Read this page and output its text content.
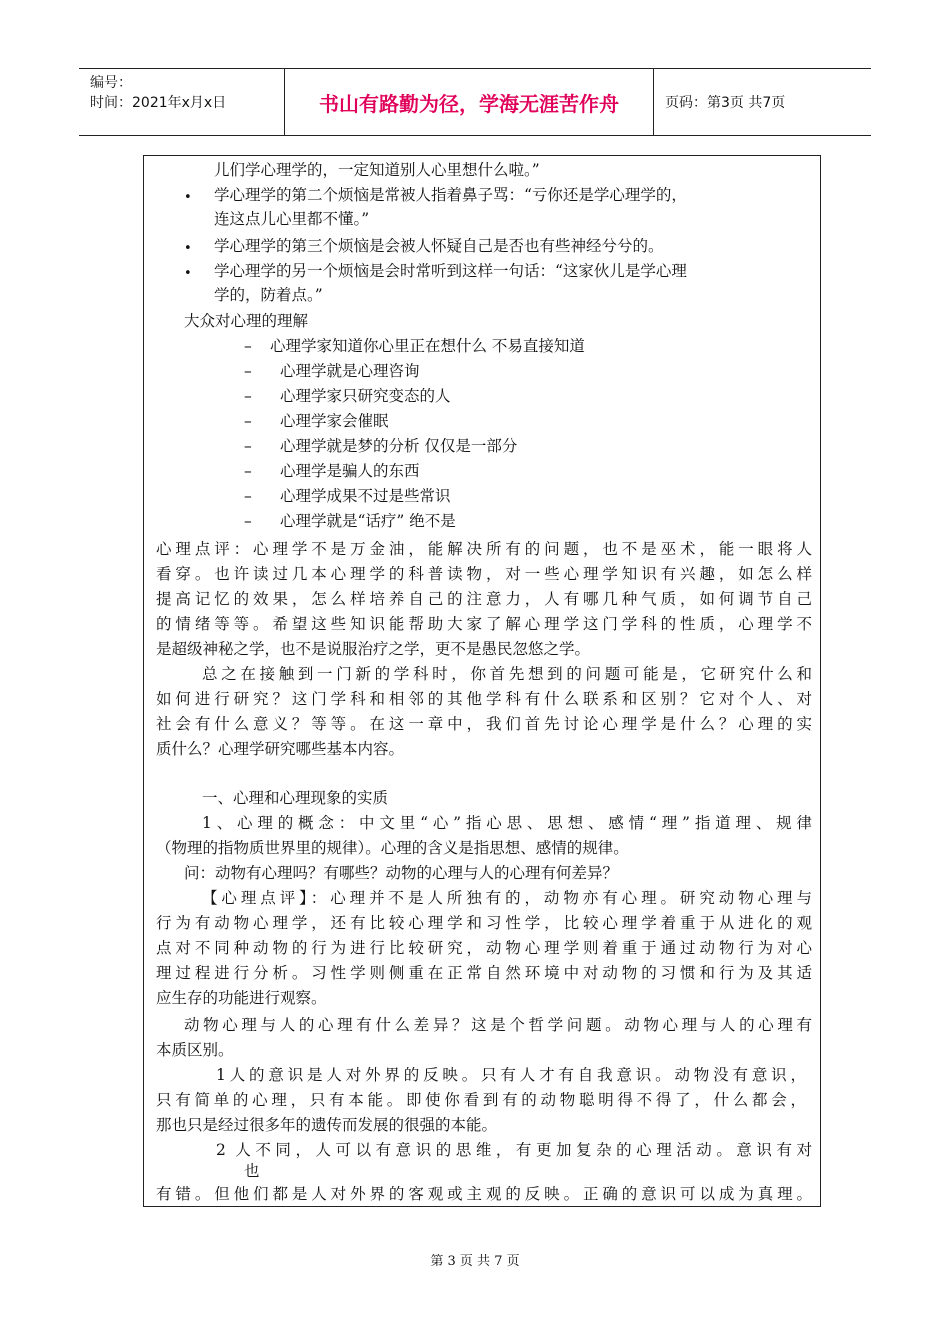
编号：
时间：2021年x月x日	书山有路勤为径，学海无涯苦作舟	页码：第3页 共7页
儿们学心理学的，一定知道别人心里想什么啦。”
• 学心理学的第二个烦恼是常被人指着鼻子骂：“亏你还是学心理学的，
连这点儿心里都不懂。”
• 学心理学的第三个烦恼是会被人怀疑自己是否也有些神经兮兮的。
• 学心理学的另一个烦恼是会时常听到这样一句话：“这家伙儿是学心理
学的，防着点。”
大众对心理的理解
– 心理学家知道你心里正在想什么 不易直接知道
– 心理学就是心理咨询
– 心理学家只研究变态的人
– 心理学家会催眠
– 心理学就是梦的分析 仅仅是一部分
– 心理学是骗人的东西
– 心理学成果不过是些常识
– 心理学就是“话疗” 绝不是
心理点评：心理学不是万金油，能解决所有的问题，也不是巫术，能一眼将人
看穿。也许读过几本心理学的科普读物，对一些心理学知识有兴趣，如怎么样
提高记忆的效果，怎么样培养自己的注意力，人有哪几种气质，如何调节自己
的情绪等等。希望这些知识能帮助大家了解心理学这门学科的性质，心理学不
是超级神秘之学，也不是说服治疗之学，更不是愚民忽悠之学。
总之在接触到一门新的学科时，你首先想到的问题可能是，它研究什么和
如何进行研究？这门学科和相邻的其他学科有什么联系和区别？它对个人、对
社会有什么意义？等等。在这一章中，我们首先讨论心理学是什么？心理的实
质什么？心理学研究哪些基本内容。
一、心理和心理现象的实质
1、心理的概念：中文里“心”指心思、思想、感情“理”指道理、规律
（物理的指物质世界里的规律）。心理的含义是指思想、感情的规律。
问：动物有心理吗？有哪些？动物的心理与人的心理有何差异？
【心理点评】：心理并不是人所独有的，动物亦有心理。研究动物心理与
行为有动物心理学，还有比较心理学和习性学，比较心理学着重于从进化的观
点对不同种动物的行为进行比较研究，动物心理学则着重于通过动物行为对心
理过程进行分析。习性学则侧重在正常自然环境中对动物的习惯和行为及其适
应生存的功能进行观察。
动物心理与人的心理有什么差异？这是个哲学问题。动物心理与人的心理有
本质区别。
1人的意识是人对外界的反映。只有人才有自我意识。动物没有意识，
只有简单的心理，只有本能。即使你看到有的动物聪明得不得了，什么都会，
那也只是经过很多年的遗传而发展的很强的本能。
2 人不同，人可以有意识的思维，有更加复杂的心理活动。意识有对
也
有错。但他们都是人对外界的客观或主观的反映。正确的意识可以成为真理。
第 3 页 共 7 页
